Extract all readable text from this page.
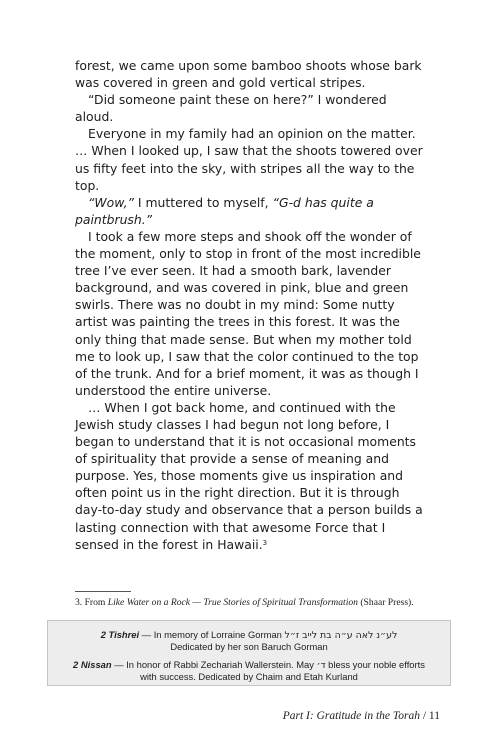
forest, we came upon some bamboo shoots whose bark was covered in green and gold vertical stripes.

“Did someone paint these on here?” I wondered aloud.

Everyone in my family had an opinion on the matter. … When I looked up, I saw that the shoots towered over us fifty feet into the sky, with stripes all the way to the top.

“Wow,” I muttered to myself, “G-d has quite a paintbrush.”

I took a few more steps and shook off the wonder of the moment, only to stop in front of the most incredible tree I’ve ever seen. It had a smooth bark, lavender background, and was covered in pink, blue and green swirls. There was no doubt in my mind: Some nutty artist was painting the trees in this forest. It was the only thing that made sense. But when my mother told me to look up, I saw that the color continued to the top of the trunk. And for a brief moment, it was as though I understood the entire universe.

… When I got back home, and continued with the Jewish study classes I had begun not long before, I began to understand that it is not occasional moments of spirituality that provide a sense of meaning and purpose. Yes, those moments give us inspiration and often point us in the right direction. But it is through day-to-day study and observance that a person builds a lasting connection with that awesome Force that I sensed in the forest in Hawaii.$^3$

3. From Like Water on a Rock — True Stories of Spiritual Transformation (Shaar Press).
2 Tishrei — In memory of Lorraine Gorman לע״נ לאה ע״ה בת לייב ז״ל
Dedicated by her son Baruch Gorman
2 Nissan — In honor of Rabbi Zechariah Wallerstein. May ד׳ bless your noble efforts
with success. Dedicated by Chaim and Etah Kurland
Part I: Gratitude in the Torah / 11
